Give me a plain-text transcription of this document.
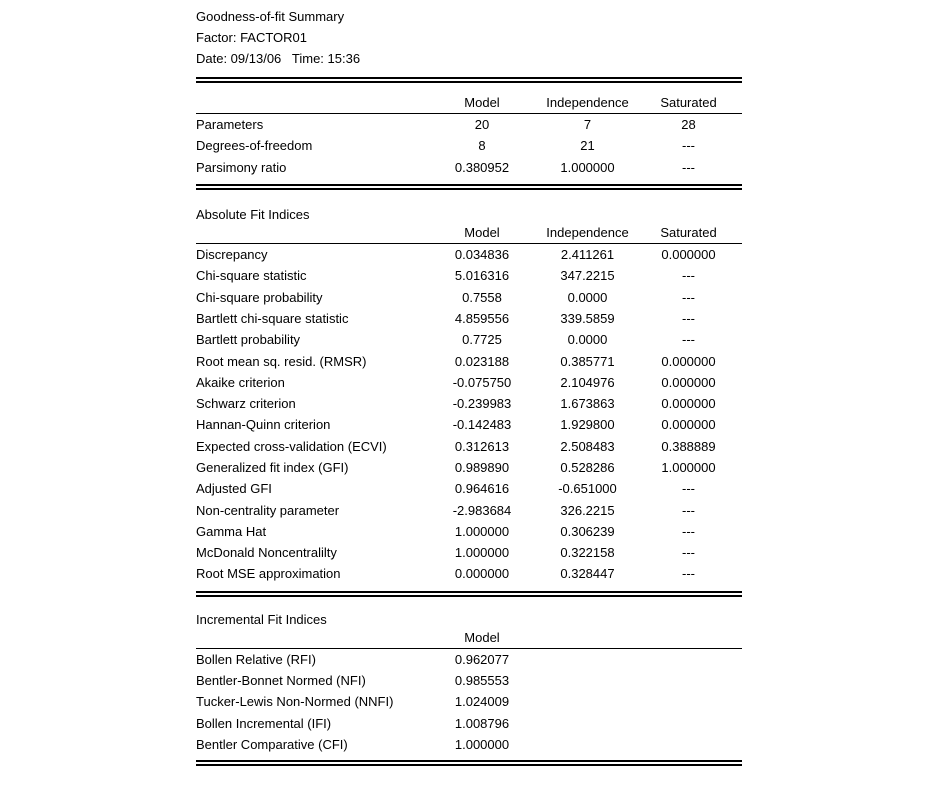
Goodness-of-fit Summary
Factor: FACTOR01
Date: 09/13/06   Time: 15:36
	Model	Independence	Saturated
Parameters	20	7	28
Degrees-of-freedom	8	21	---
Parsimony ratio	0.380952	1.000000	---
Absolute Fit Indices
	Model	Independence	Saturated
Discrepancy	0.034836	2.411261	0.000000
Chi-square statistic	5.016316	347.2215	---
Chi-square probability	0.7558	0.0000	---
Bartlett chi-square statistic	4.859556	339.5859	---
Bartlett probability	0.7725	0.0000	---
Root mean sq. resid. (RMSR)	0.023188	0.385771	0.000000
Akaike criterion	-0.075750	2.104976	0.000000
Schwarz criterion	-0.239983	1.673863	0.000000
Hannan-Quinn criterion	-0.142483	1.929800	0.000000
Expected cross-validation (ECVI)	0.312613	2.508483	0.388889
Generalized fit index (GFI)	0.989890	0.528286	1.000000
Adjusted GFI	0.964616	-0.651000	---
Non-centrality parameter	-2.983684	326.2215	---
Gamma Hat	1.000000	0.306239	---
McDonald Noncentralilty	1.000000	0.322158	---
Root MSE approximation	0.000000	0.328447	---
Incremental Fit Indices
	Model		
Bollen Relative (RFI)	0.962077		
Bentler-Bonnet Normed (NFI)	0.985553		
Tucker-Lewis Non-Normed (NNFI)	1.024009		
Bollen Incremental (IFI)	1.008796		
Bentler Comparative (CFI)	1.000000		
